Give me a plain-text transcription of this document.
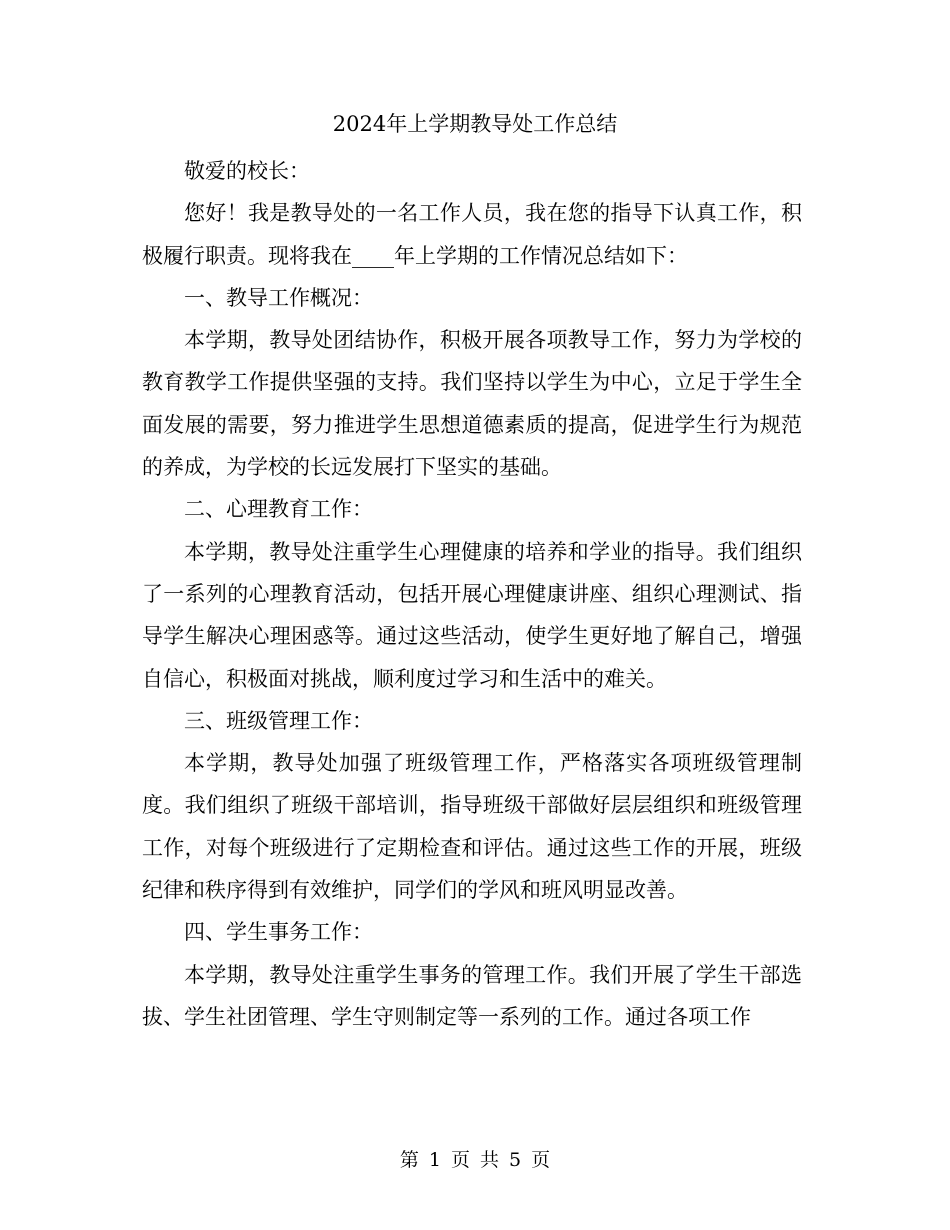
2024年上学期教导处工作总结

敬爱的校长：

您好！我是教导处的一名工作人员，我在您的指导下认真工作，积极履行职责。现将我在____年上学期的工作情况总结如下：

一、教导工作概况：

本学期，教导处团结协作，积极开展各项教导工作，努力为学校的教育教学工作提供坚强的支持。我们坚持以学生为中心，立足于学生全面发展的需要，努力推进学生思想道德素质的提高，促进学生行为规范的养成，为学校的长远发展打下坚实的基础。

二、心理教育工作：

本学期，教导处注重学生心理健康的培养和学业的指导。我们组织了一系列的心理教育活动，包括开展心理健康讲座、组织心理测试、指导学生解决心理困惑等。通过这些活动，使学生更好地了解自己，增强自信心，积极面对挑战，顺利度过学习和生活中的难关。

三、班级管理工作：

本学期，教导处加强了班级管理工作，严格落实各项班级管理制度。我们组织了班级干部培训，指导班级干部做好层层组织和班级管理工作，对每个班级进行了定期检查和评估。通过这些工作的开展，班级纪律和秩序得到有效维护，同学们的学风和班风明显改善。

四、学生事务工作：

本学期，教导处注重学生事务的管理工作。我们开展了学生干部选拔、学生社团管理、学生守则制定等一系列的工作。通过各项工作

第 1 页 共 5 页
